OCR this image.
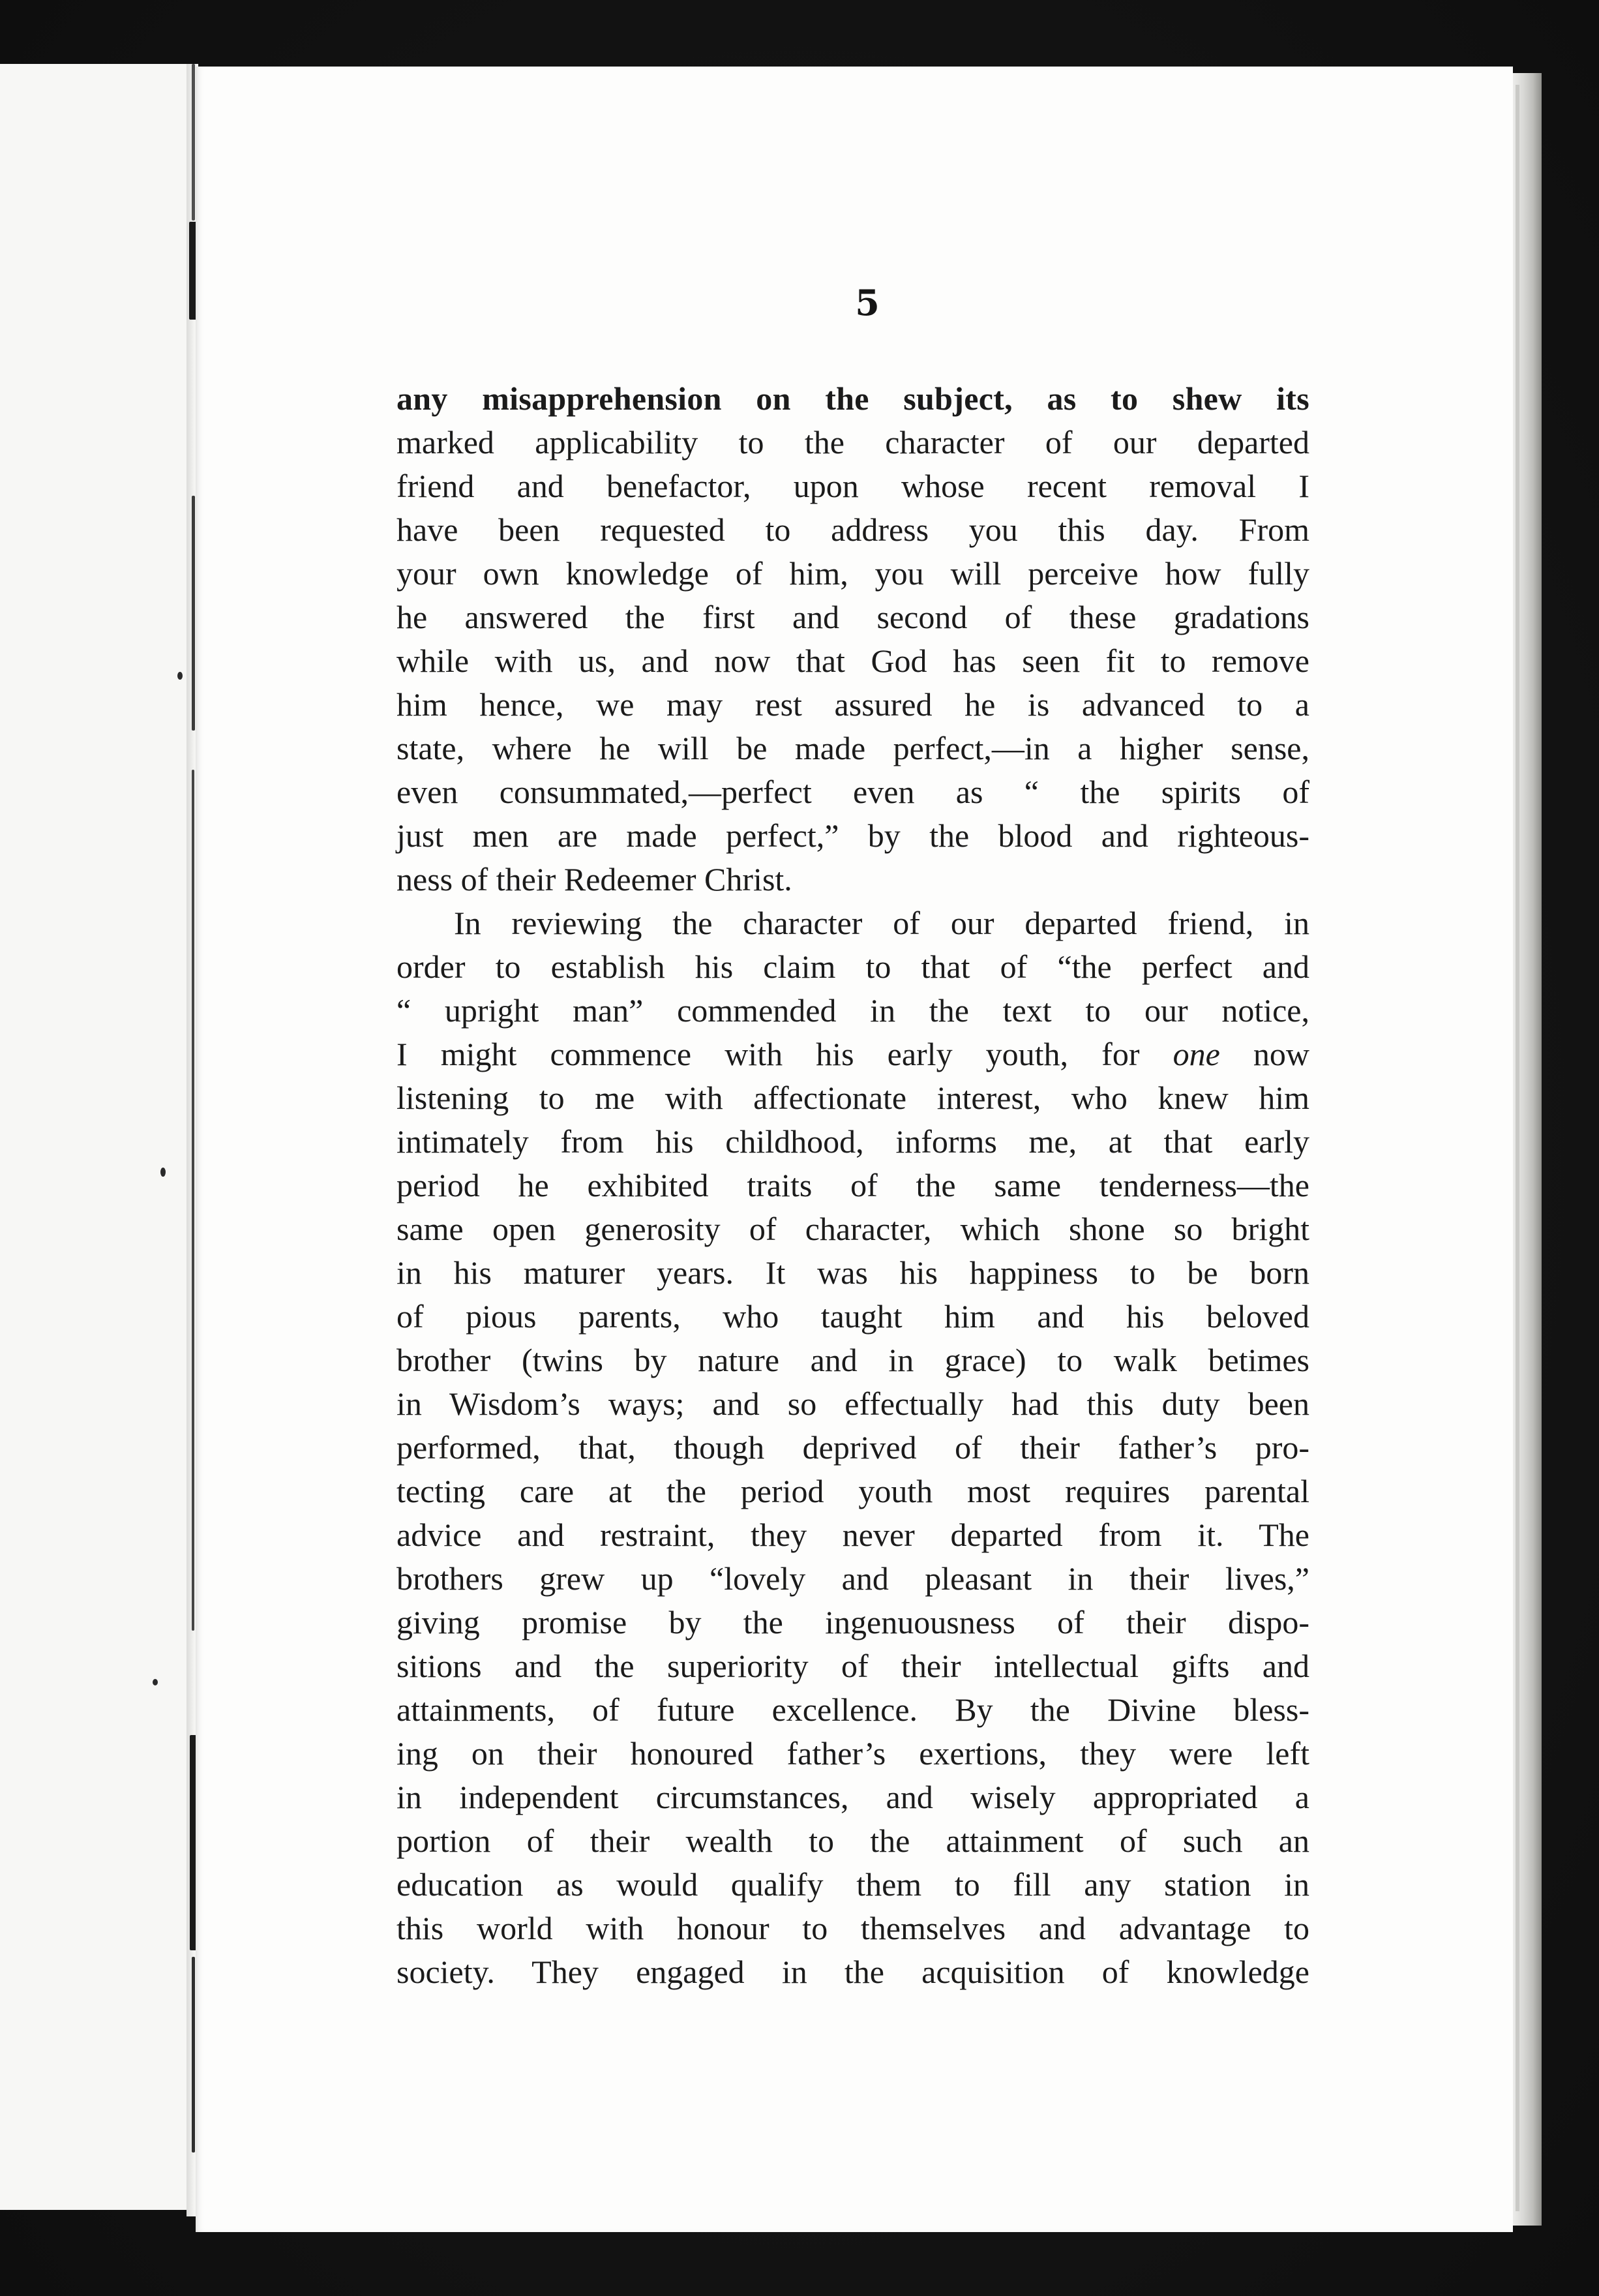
5
any misapprehension on the subject, as to shew its
marked applicability to the character of our departed
friend and benefactor, upon whose recent removal I
have been requested to address you this day. From
your own knowledge of him, you will perceive how fully
he answered the first and second of these gradations
while with us, and now that God has seen fit to remove
him hence, we may rest assured he is advanced to a
state, where he will be made perfect,—in a higher sense,
even consummated,—perfect even as “ the spirits of
just men are made perfect,” by the blood and righteous-
ness of their Redeemer Christ.
In reviewing the character of our departed friend, in
order to establish his claim to that of “the perfect and
“ upright man” commended in the text to our notice,
I might commence with his early youth, for one now
listening to me with affectionate interest, who knew him
intimately from his childhood, informs me, at that early
period he exhibited traits of the same tenderness—the
same open generosity of character, which shone so bright
in his maturer years. It was his happiness to be born
of pious parents, who taught him and his beloved
brother (twins by nature and in grace) to walk betimes
in Wisdom’s ways; and so effectually had this duty been
performed, that, though deprived of their father’s pro-
tecting care at the period youth most requires parental
advice and restraint, they never departed from it. The
brothers grew up “lovely and pleasant in their lives,”
giving promise by the ingenuousness of their dispo-
sitions and the superiority of their intellectual gifts and
attainments, of future excellence. By the Divine bless-
ing on their honoured father’s exertions, they were left
in independent circumstances, and wisely appropriated a
portion of their wealth to the attainment of such an
education as would qualify them to fill any station in
this world with honour to themselves and advantage to
society. They engaged in the acquisition of knowledge
